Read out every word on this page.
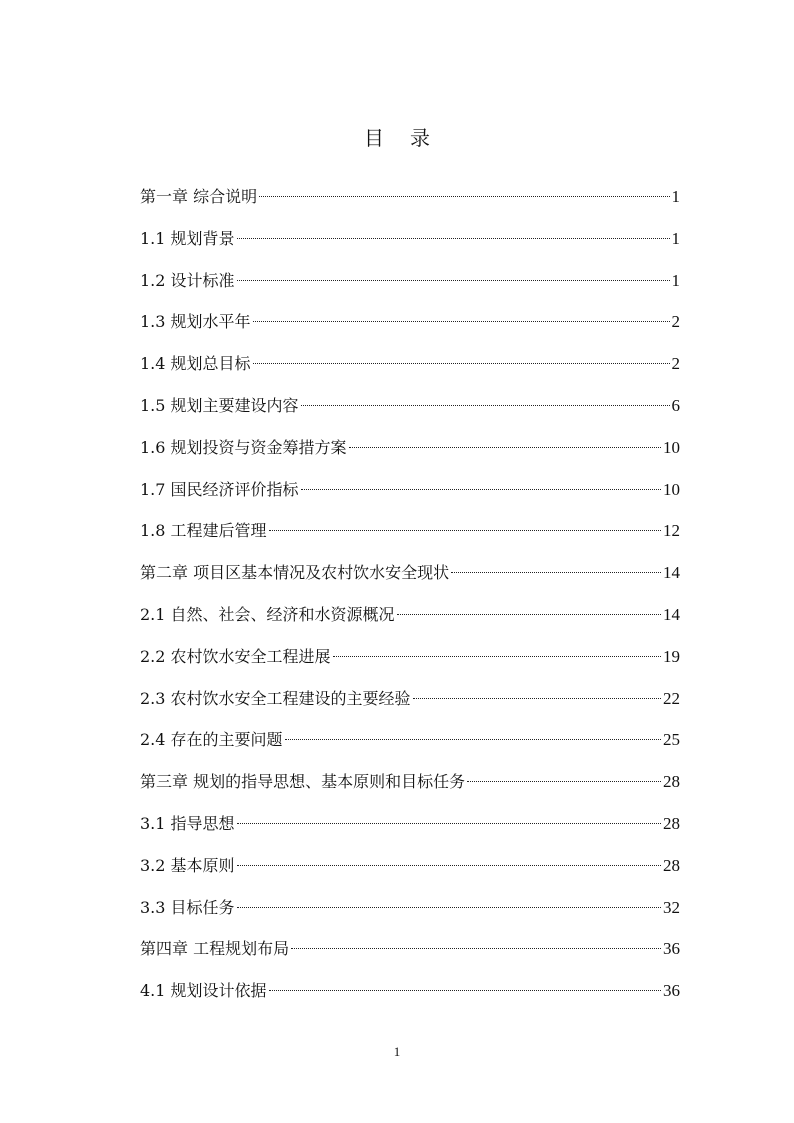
目 录
第一章 综合说明	1
1.1 规划背景	1
1.2 设计标准	1
1.3 规划水平年	2
1.4 规划总目标	2
1.5 规划主要建设内容	6
1.6 规划投资与资金筹措方案	10
1.7 国民经济评价指标	10
1.8 工程建后管理	12
第二章 项目区基本情况及农村饮水安全现状	14
2.1 自然、社会、经济和水资源概况	14
2.2 农村饮水安全工程进展	19
2.3 农村饮水安全工程建设的主要经验	22
2.4 存在的主要问题	25
第三章 规划的指导思想、基本原则和目标任务	28
3.1 指导思想	28
3.2 基本原则	28
3.3 目标任务	32
第四章 工程规划布局	36
4.1 规划设计依据	36
1
